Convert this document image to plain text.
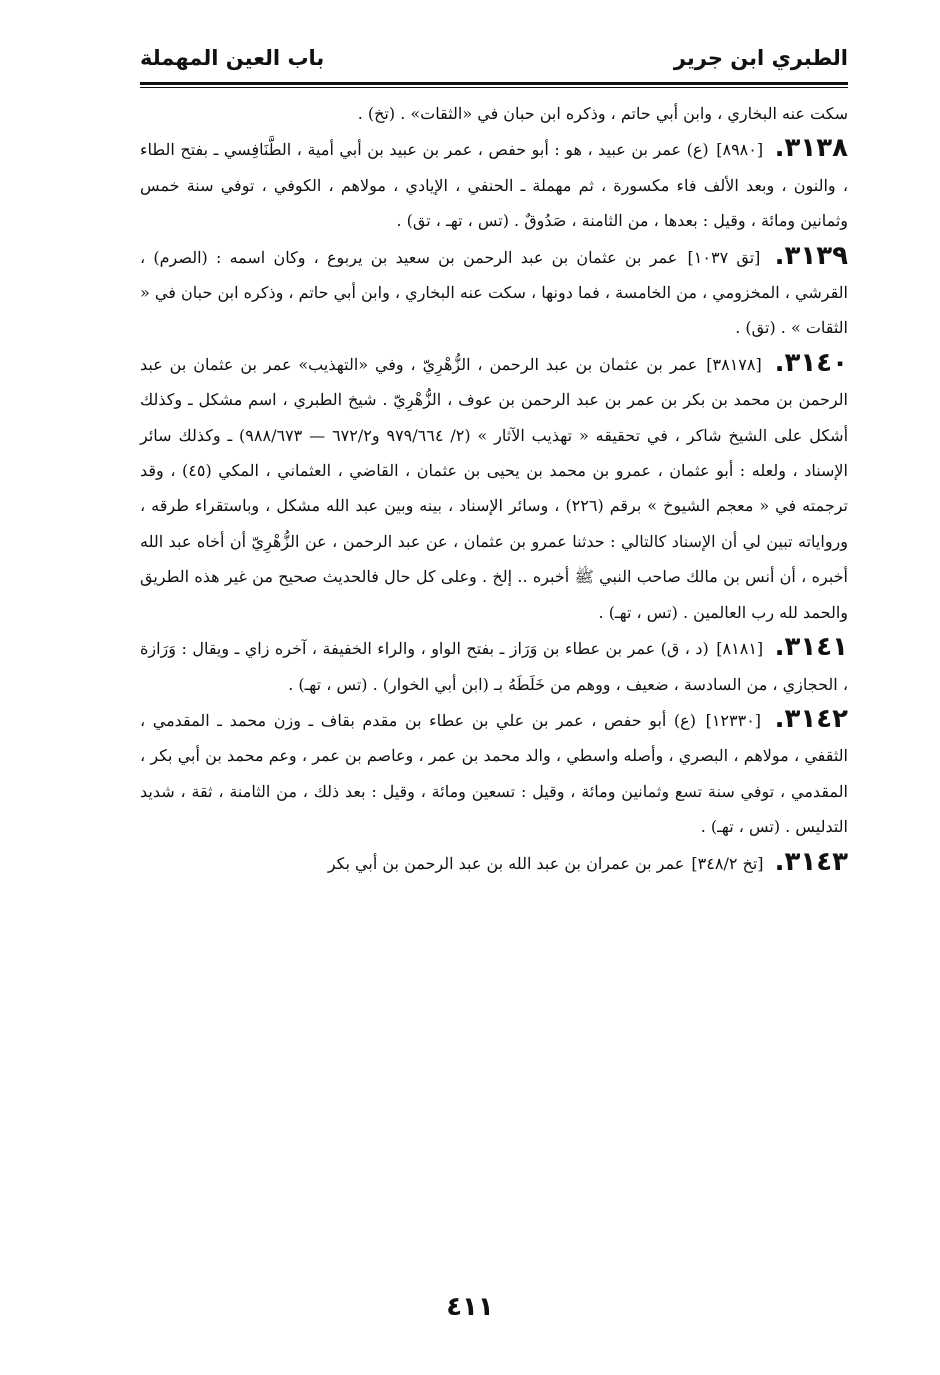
الطبري ابن جرير
باب العين المهملة

سكت عنه البخاري ، وابن أبي حاتم ، وذكره ابن حبان في «الثقات» . (تخ) .

٣١٣٨. [٨٩٨٠] (ع) عمر بن عبيد ، هو : أبو حفص ، عمر بن عبيد بن أبي أمية ، الطَّنَافِسي ـ بفتح الطاء ، والنون ، وبعد الألف فاء مكسورة ، ثم مهملة ـ الحنفي ، الإيادي ، مولاهم ، الكوفي ، توفي سنة خمس وثمانين ومائة ، وقيل : بعدها ، من الثامنة ، صَدُوقٌ . (تس ، تهـ ، تق) .

٣١٣٩. [تق ١٠٣٧] عمر بن عثمان بن عبد الرحمن بن سعيد بن يربوع ، وكان اسمه : (الصرم) ، القرشي ، المخزومي ، من الخامسة ، فما دونها ، سكت عنه البخاري ، وابن أبي حاتم ، وذكره ابن حبان في « الثقات » . (تق) .

٣١٤٠. [٣٨١٧٨] عمر بن عثمان بن عبد الرحمن ، الزُّهْرِيّ ، وفي «التهذيب» عمر بن عثمان بن عبد الرحمن بن محمد بن بكر بن عمر بن عبد الرحمن بن عوف ، الزُّهْرِيّ . شيخ الطبري ، اسم مشكل ـ وكذلك أشكل على الشيخ شاكر ، في تحقيقه « تهذيب الآثار » (٢/ ٩٧٩/٦٦٤ و٦٧٢/٢ — ٩٨٨/٦٧٣) ـ وكذلك سائر الإسناد ، ولعله : أبو عثمان ، عمرو بن محمد بن يحيى بن عثمان ، القاضي ، العثماني ، المكي (٤٥) ، وقد ترجمته في « معجم الشيوخ » برقم (٢٢٦) ، وسائر الإسناد ، بينه وبين عبد الله مشكل ، وباستقراء طرقه ، ورواياته تبين لي أن الإسناد كالتالي : حدثنا عمرو بن عثمان ، عن عبد الرحمن ، عن الزُّهْرِيّ أن أخاه عبد الله أخبره ، أن أنس بن مالك صاحب النبي ﷺ أخبره .. إلخ . وعلى كل حال فالحديث صحيح من غير هذه الطريق والحمد لله رب العالمين . (تس ، تهـ) .

٣١٤١. [٨١٨١] (د ، ق) عمر بن عطاء بن وَرَاز ـ بفتح الواو ، والراء الخفيفة ، آخره زاي ـ ويقال : وَرَازة ، الحجازي ، من السادسة ، ضعيف ، ووهم من خَلَطَهُ بـ (ابن أبي الخوار) . (تس ، تهـ) .

٣١٤٢. [١٢٣٣٠] (ع) أبو حفص ، عمر بن علي بن عطاء بن مقدم بقاف ـ وزن محمد ـ المقدمي ، الثقفي ، مولاهم ، البصري ، وأصله واسطي ، والد محمد بن عمر ، وعاصم بن عمر ، وعم محمد بن أبي بكر ، المقدمي ، توفي سنة تسع وثمانين ومائة ، وقيل : تسعين ومائة ، وقيل : بعد ذلك ، من الثامنة ، ثقة ، شديد التدليس . (تس ، تهـ) .

٣١٤٣. [تخ ٣٤٨/٢] عمر بن عمران بن عبد الله بن عبد الرحمن بن أبي بكر

٤١١
